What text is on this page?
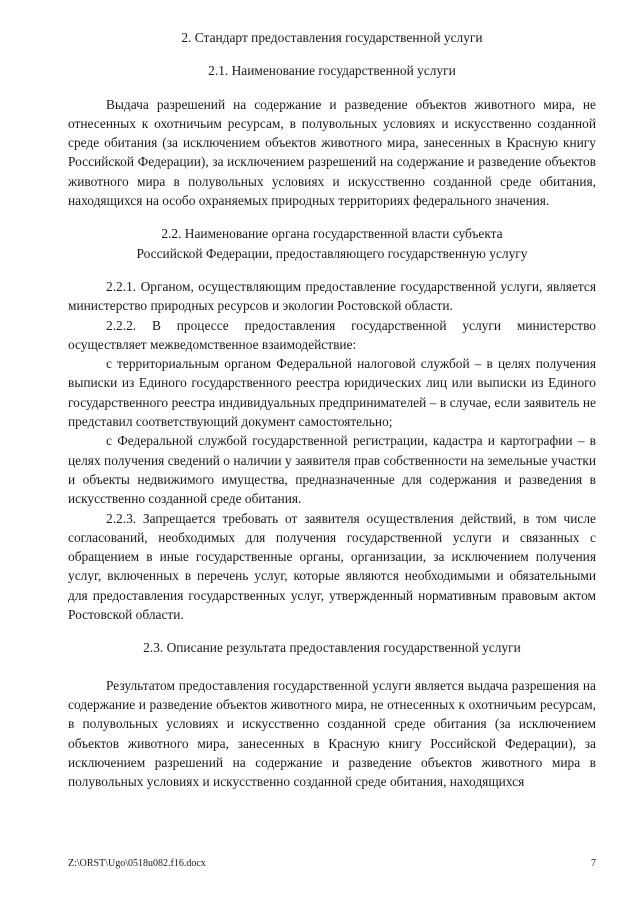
2. Стандарт предоставления государственной услуги

2.1. Наименование государственной услуги

Выдача разрешений на содержание и разведение объектов животного мира, не отнесенных к охотничьим ресурсам, в полувольных условиях и искусственно созданной среде обитания (за исключением объектов животного мира, занесенных в Красную книгу Российской Федерации), за исключением разрешений на содержание и разведение объектов животного мира в полувольных условиях и искусственно созданной среде обитания, находящихся на особо охраняемых природных территориях федерального значения.

2.2. Наименование органа государственной власти субъекта

Российской Федерации, предоставляющего государственную услугу

2.2.1. Органом, осуществляющим предоставление государственной услуги, является министерство природных ресурсов и экологии Ростовской области.

2.2.2. В процессе предоставления государственной услуги министерство осуществляет межведомственное взаимодействие:

с территориальным органом Федеральной налоговой службой – в целях получения выписки из Единого государственного реестра юридических лиц или выписки из Единого государственного реестра индивидуальных предпринимателей – в случае, если заявитель не представил соответствующий документ самостоятельно;

с Федеральной службой государственной регистрации, кадастра и картографии – в целях получения сведений о наличии у заявителя прав собственности на земельные участки и объекты недвижимого имущества, предназначенные для содержания и разведения в искусственно созданной среде обитания.

2.2.3. Запрещается требовать от заявителя осуществления действий, в том числе согласований, необходимых для получения государственной услуги и связанных с обращением в иные государственные органы, организации, за исключением получения услуг, включенных в перечень услуг, которые являются необходимыми и обязательными для предоставления государственных услуг, утвержденный нормативным правовым актом Ростовской области.

2.3. Описание результата предоставления государственной услуги

Результатом предоставления государственной услуги является выдача разрешения на содержание и разведение объектов животного мира, не отнесенных к охотничьим ресурсам, в полувольных условиях и искусственно созданной среде обитания (за исключением объектов животного мира, занесенных в Красную книгу Российской Федерации), за исключением разрешений на содержание и разведение объектов животного мира в полувольных условиях и искусственно созданной среде обитания, находящихся

Z:\ORST\Ugo\0518u082.f16.docx	7
